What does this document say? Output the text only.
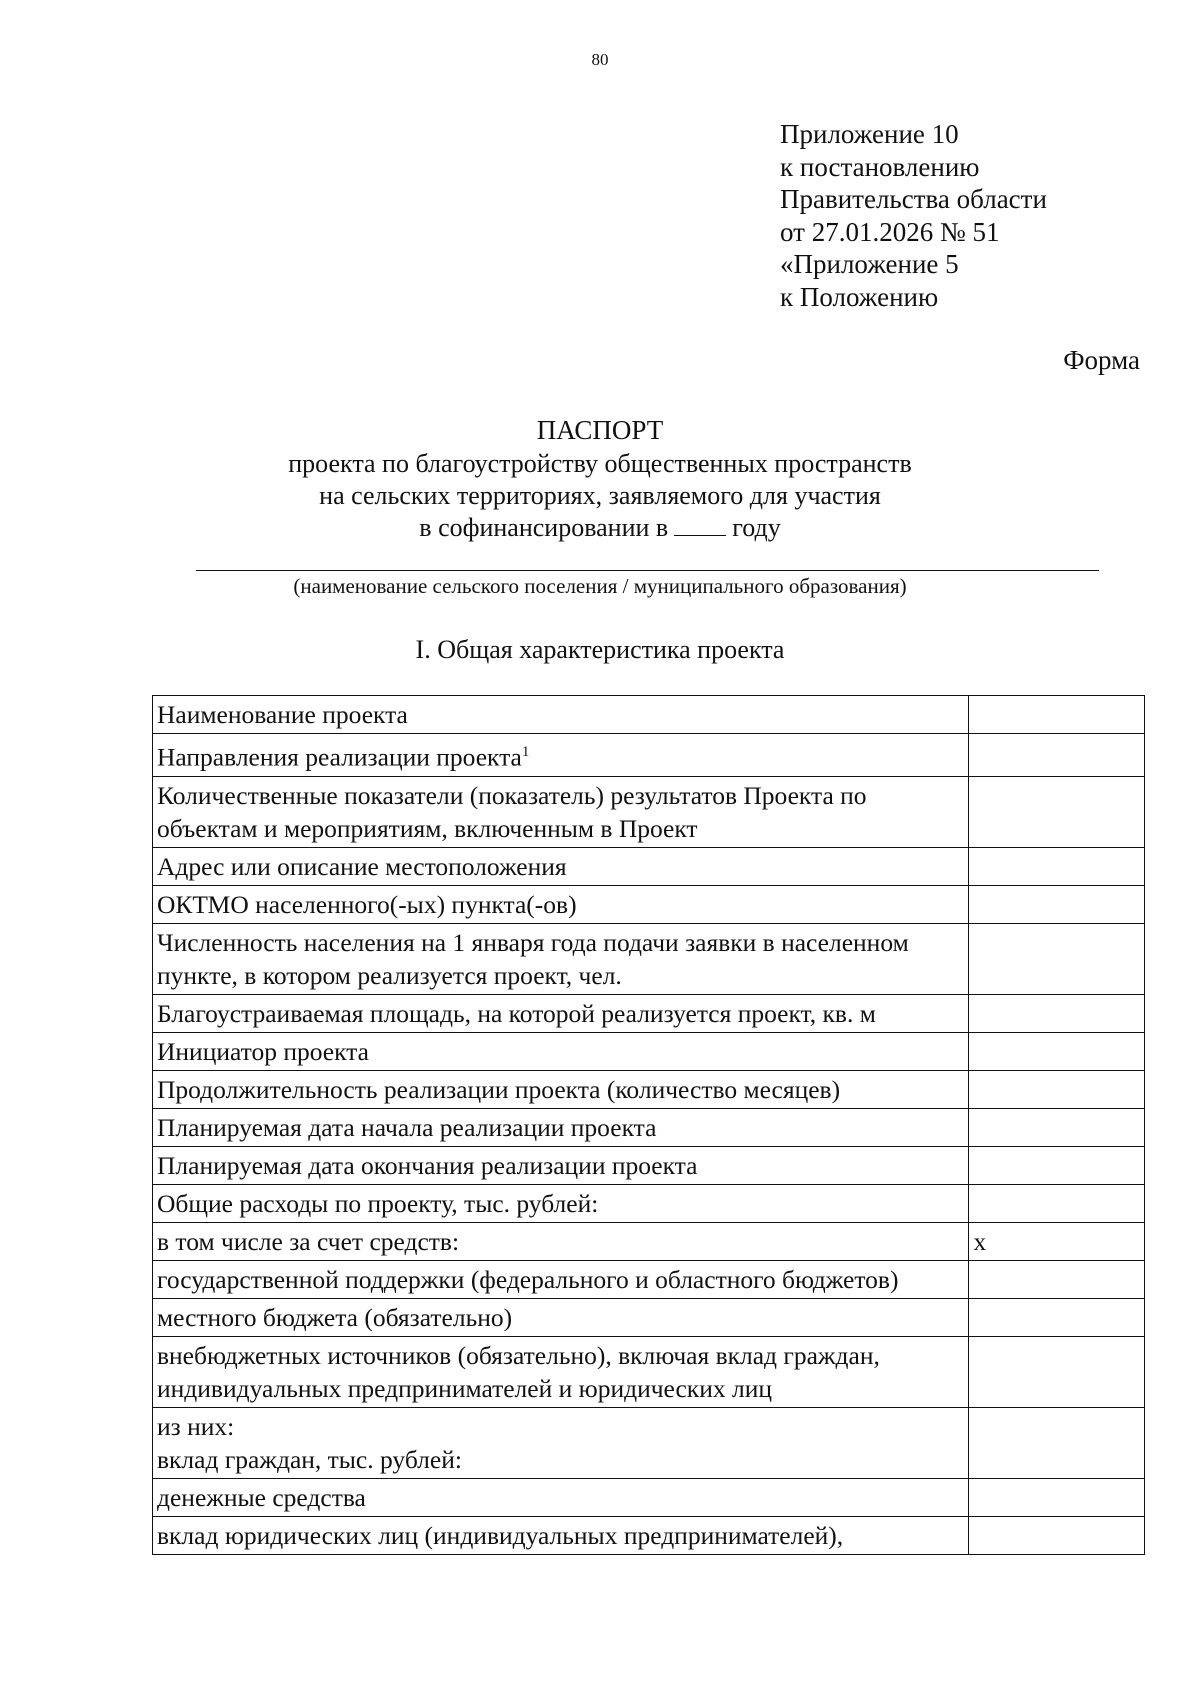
80
Приложение 10
к постановлению
Правительства области
от 27.01.2026 № 51
«Приложение 5
к Положению
Форма
ПАСПОРТ
проекта по благоустройству общественных пространств
на сельских территориях, заявляемого для участия
в софинансировании в году
(наименование сельского поселения / муниципального образования)
I. Общая характеристика проекта
Наименование проекта	
Направления реализации проекта$^1$	
Количественные показатели (показатель) результатов Проекта по объектам и мероприятиям, включенным в Проект	
Адрес или описание местоположения	
ОКТМО населенного(-ых) пункта(-ов)	
Численность населения на 1 января года подачи заявки в населенном пункте, в котором реализуется проект, чел.	
Благоустраиваемая площадь, на которой реализуется проект, кв. м	
Инициатор проекта	
Продолжительность реализации проекта (количество месяцев)	
Планируемая дата начала реализации проекта	
Планируемая дата окончания реализации проекта	
Общие расходы по проекту, тыс. рублей:	
в том числе за счет средств:	x
государственной поддержки (федерального и областного бюджетов)	
местного бюджета (обязательно)	
внебюджетных источников (обязательно), включая вклад граждан, индивидуальных предпринимателей и юридических лиц	
из них:
вклад граждан, тыс. рублей:	
денежные средства	
вклад юридических лиц (индивидуальных предпринимателей),	
